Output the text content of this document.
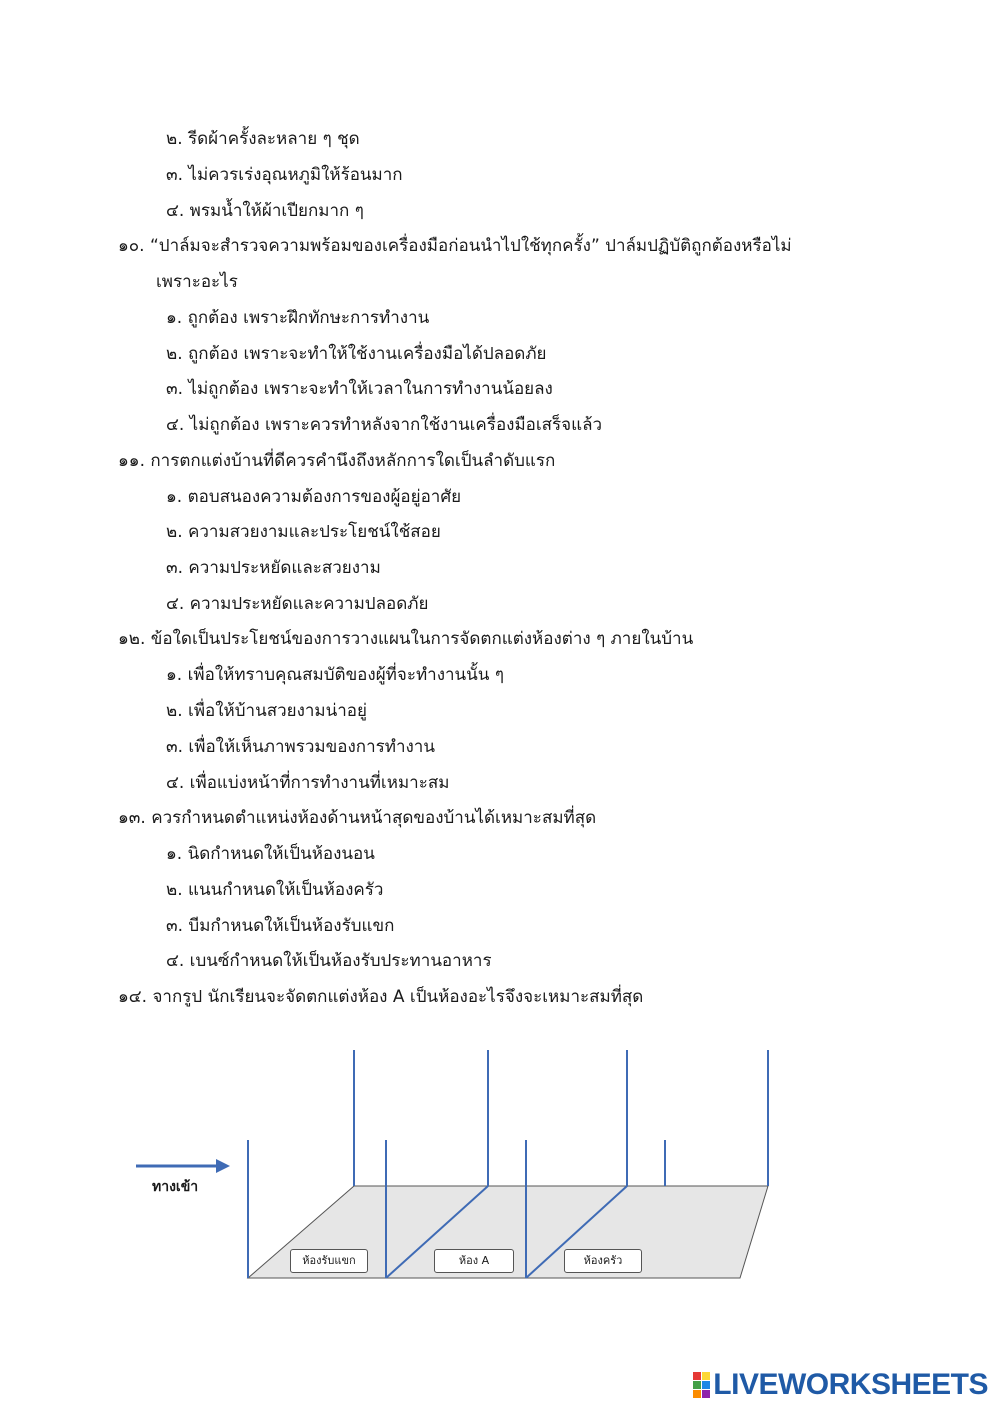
๒. รีดผ้าครั้งละหลาย ๆ ชุด
๓. ไม่ควรเร่งอุณหภูมิให้ร้อนมาก
๔. พรมน้ำให้ผ้าเปียกมาก ๆ
๑๐. “ปาล์มจะสำรวจความพร้อมของเครื่องมือก่อนนำไปใช้ทุกครั้ง” ปาล์มปฏิบัติถูกต้องหรือไม่
เพราะอะไร
๑. ถูกต้อง เพราะฝึกทักษะการทำงาน
๒. ถูกต้อง เพราะจะทำให้ใช้งานเครื่องมือได้ปลอดภัย
๓. ไม่ถูกต้อง เพราะจะทำให้เวลาในการทำงานน้อยลง
๔. ไม่ถูกต้อง เพราะควรทำหลังจากใช้งานเครื่องมือเสร็จแล้ว
๑๑. การตกแต่งบ้านที่ดีควรคำนึงถึงหลักการใดเป็นลำดับแรก
๑. ตอบสนองความต้องการของผู้อยู่อาศัย
๒. ความสวยงามและประโยชน์ใช้สอย
๓. ความประหยัดและสวยงาม
๔. ความประหยัดและความปลอดภัย
๑๒. ข้อใดเป็นประโยชน์ของการวางแผนในการจัดตกแต่งห้องต่าง ๆ ภายในบ้าน
๑. เพื่อให้ทราบคุณสมบัติของผู้ที่จะทำงานนั้น ๆ
๒. เพื่อให้บ้านสวยงามน่าอยู่
๓. เพื่อให้เห็นภาพรวมของการทำงาน
๔. เพื่อแบ่งหน้าที่การทำงานที่เหมาะสม
๑๓. ควรกำหนดตำแหน่งห้องด้านหน้าสุดของบ้านได้เหมาะสมที่สุด
๑. นิดกำหนดให้เป็นห้องนอน
๒. แนนกำหนดให้เป็นห้องครัว
๓. บีมกำหนดให้เป็นห้องรับแขก
๔. เบนซ์กำหนดให้เป็นห้องรับประทานอาหาร
๑๔. จากรูป นักเรียนจะจัดตกแต่งห้อง A เป็นห้องอะไรจึงจะเหมาะสมที่สุด
ทางเข้า
ห้องรับแขก	ห้อง A	ห้องครัว
LIVEWORKSHEETS
